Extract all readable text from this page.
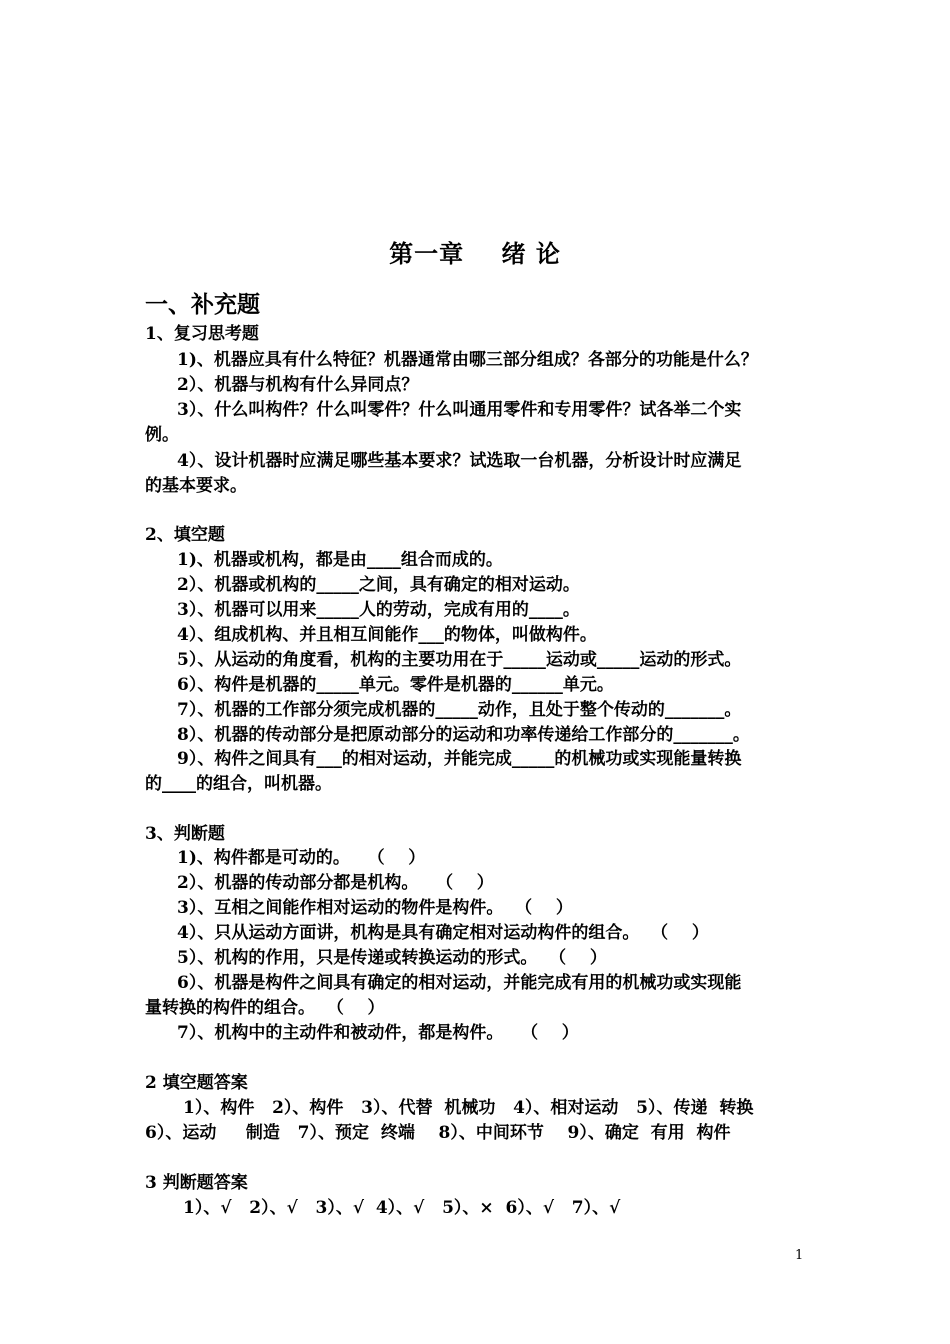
第一章    绪 论
一、补充题
1、复习思考题
1)、机器应具有什么特征？机器通常由哪三部分组成？各部分的功能是什么？
2）、机器与机构有什么异同点？
3）、什么叫构件？什么叫零件？什么叫通用零件和专用零件？试各举二个实
例。
4）、设计机器时应满足哪些基本要求？试选取一台机器，分析设计时应满足
的基本要求。
2、填空题
1)、机器或机构，都是由____组合而成的。
2）、机器或机构的_____之间，具有确定的相对运动。
3）、机器可以用来_____人的劳动，完成有用的____。
4）、组成机构、并且相互间能作___的物体，叫做构件。
5）、从运动的角度看，机构的主要功用在于_____运动或_____运动的形式。
6）、构件是机器的_____单元。零件是机器的______单元。
7）、机器的工作部分须完成机器的_____动作，且处于整个传动的_______。
8）、机器的传动部分是把原动部分的运动和功率传递给工作部分的_______。
9）、构件之间具有___的相对运动，并能完成_____的机械功或实现能量转换
的____的组合，叫机器。
3、判断题
1)、构件都是可动的。   （    ）
2）、机器的传动部分都是机构。   （    ）
3）、互相之间能作相对运动的物件是构件。  （    ）
4）、只从运动方面讲，机构是具有确定相对运动构件的组合。  （    ）
5）、机构的作用，只是传递或转换运动的形式。  （    ）
6）、机器是构件之间具有确定的相对运动，并能完成有用的机械功或实现能
量转换的构件的组合。  （    ）
7）、机构中的主动件和被动件，都是构件。   （    ）
2 填空题答案
1）、构件   2）、构件   3）、代替  机械功   4）、相对运动   5）、传递  转换
6）、运动     制造   7）、预定  终端    8）、中间环节    9）、确定  有用  构件
3 判断题答案
1）、√   2）、√   3）、√  4）、√   5）、×  6）、√   7）、√
1
